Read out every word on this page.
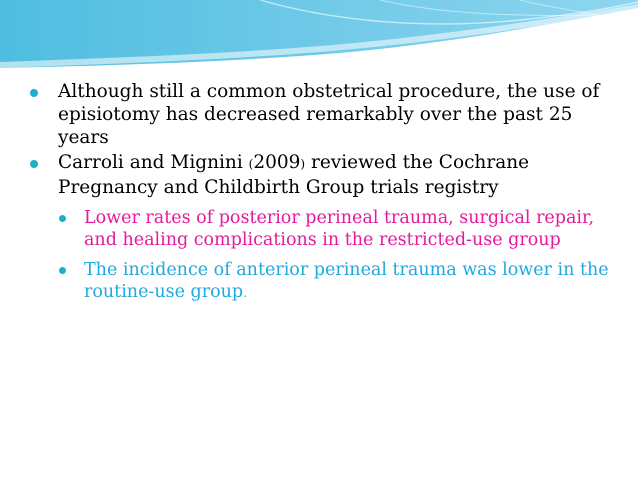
Although still a common obstetrical procedure, the use of episiotomy has decreased remarkably over the past 25 years
Carroli and Mignini (2009) reviewed the Cochrane Pregnancy and Childbirth Group trials registry
Lower rates of posterior perineal trauma, surgical repair, and healing complications in the restricted-use group
The incidence of anterior perineal trauma was lower in the routine-use group.
